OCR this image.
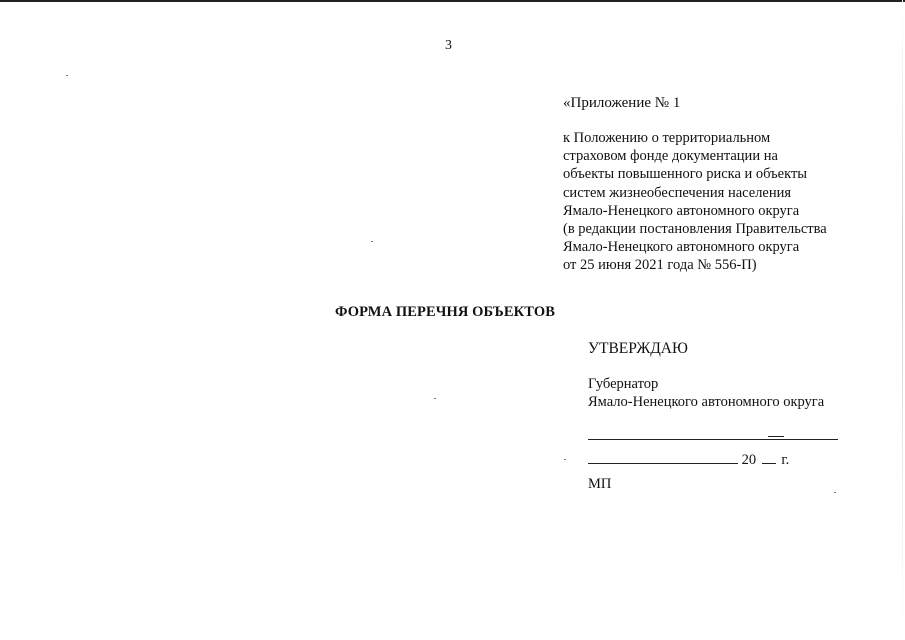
3
«Приложение № 1
к Положению о территориальном
страховом фонде документации на
объекты повышенного риска и объекты
систем жизнеобеспечения населения
Ямало-Ненецкого автономного округа
(в редакции постановления Правительства
Ямало-Ненецкого автономного округа
от 25 июня 2021 года № 556-П)
ФОРМА ПЕРЕЧНЯ ОБЪЕКТОВ
УТВЕРЖДАЮ
Губернатор
Ямало-Ненецкого автономного округа
20 г.
МП
